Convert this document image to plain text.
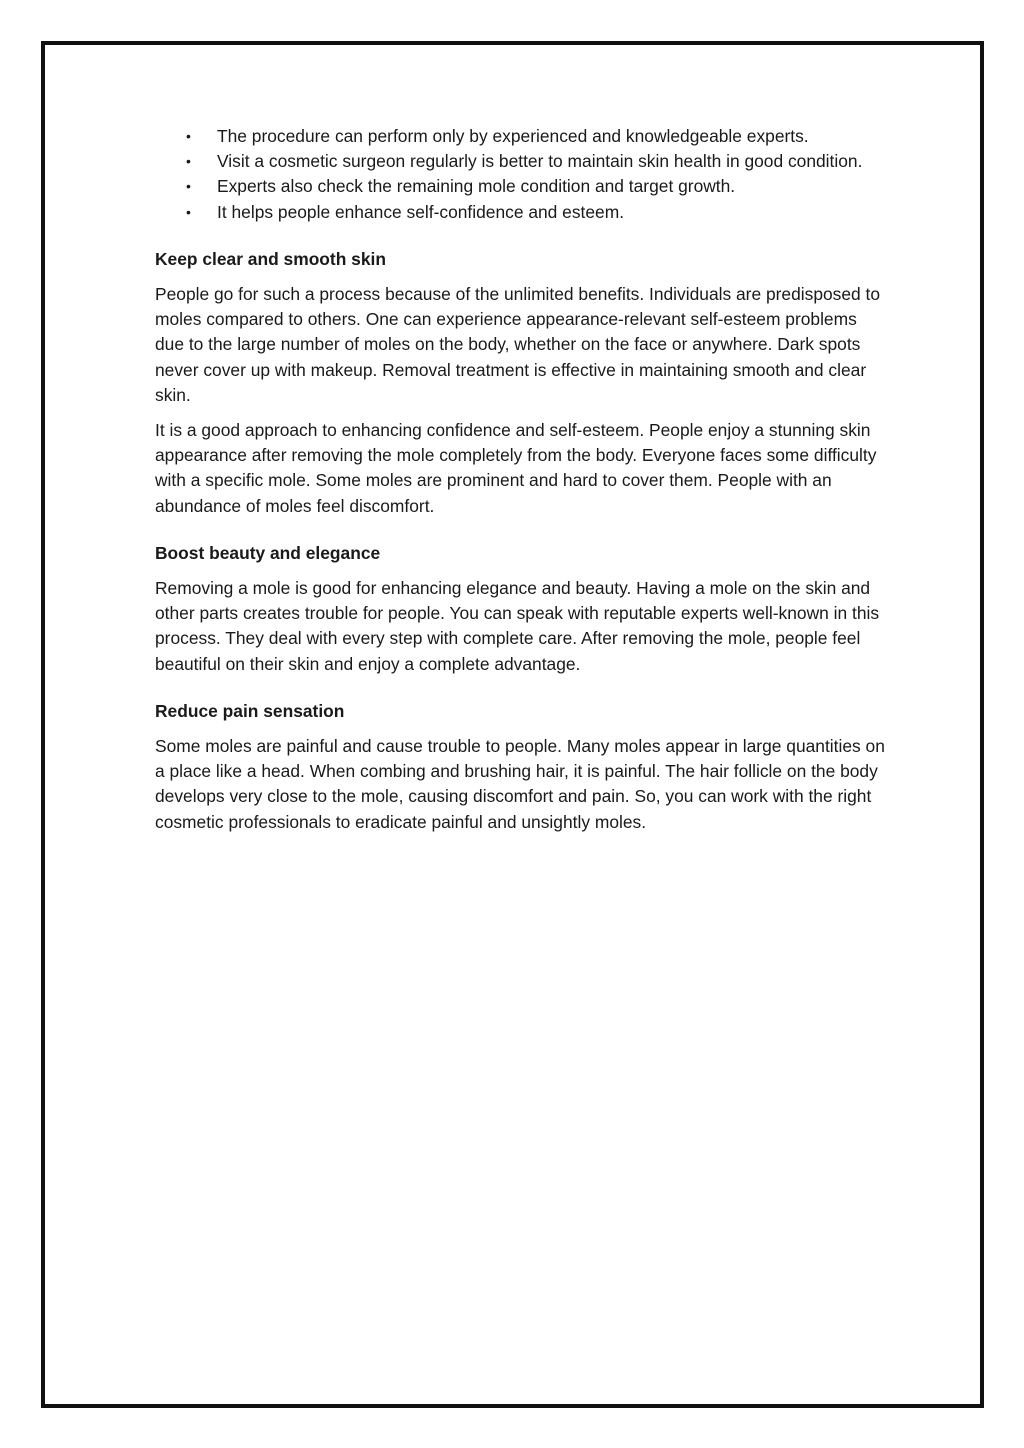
• The procedure can perform only by experienced and knowledgeable experts.
• Visit a cosmetic surgeon regularly is better to maintain skin health in good condition.
• Experts also check the remaining mole condition and target growth.
• It helps people enhance self-confidence and esteem.
Keep clear and smooth skin

People go for such a process because of the unlimited benefits. Individuals are predisposed to moles compared to others. One can experience appearance-relevant self-esteem problems due to the large number of moles on the body, whether on the face or anywhere. Dark spots never cover up with makeup. Removal treatment is effective in maintaining smooth and clear skin.

It is a good approach to enhancing confidence and self-esteem. People enjoy a stunning skin appearance after removing the mole completely from the body. Everyone faces some difficulty with a specific mole. Some moles are prominent and hard to cover them. People with an abundance of moles feel discomfort.

Boost beauty and elegance

Removing a mole is good for enhancing elegance and beauty. Having a mole on the skin and other parts creates trouble for people. You can speak with reputable experts well-known in this process. They deal with every step with complete care. After removing the mole, people feel beautiful on their skin and enjoy a complete advantage.

Reduce pain sensation

Some moles are painful and cause trouble to people. Many moles appear in large quantities on a place like a head. When combing and brushing hair, it is painful. The hair follicle on the body develops very close to the mole, causing discomfort and pain. So, you can work with the right cosmetic professionals to eradicate painful and unsightly moles.
